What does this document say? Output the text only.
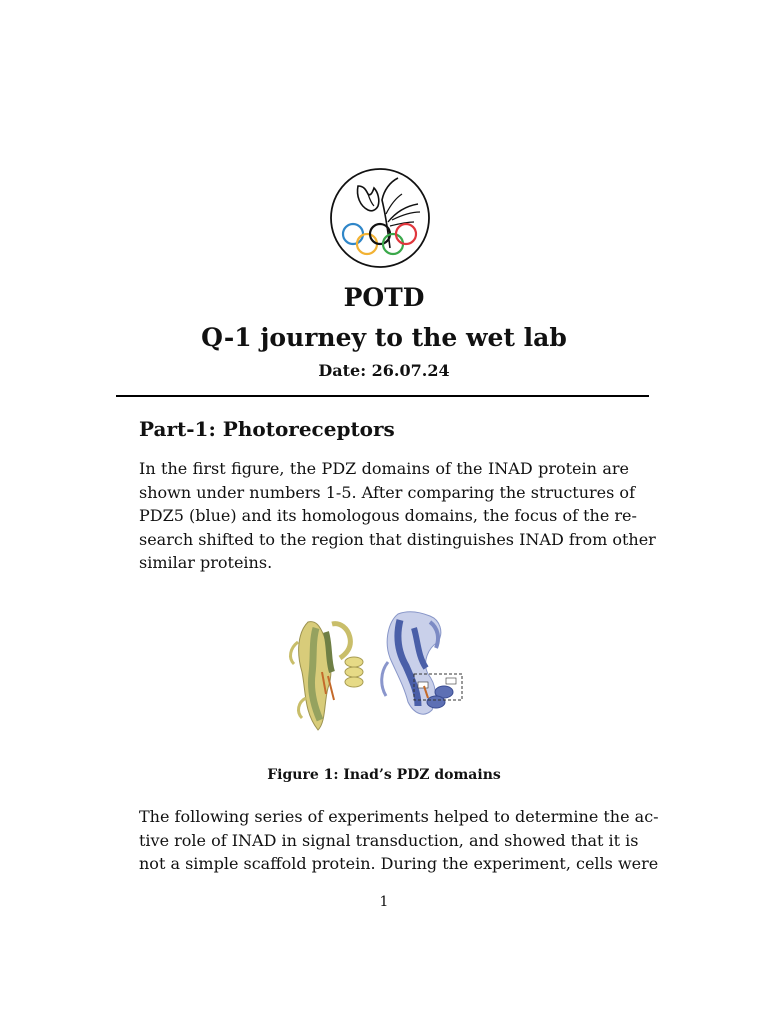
POTD
Q-1 journey to the wet lab
Date: 26.07.24
Part-1: Photoreceptors
In the first figure, the PDZ domains of the INAD protein are
shown under numbers 1-5. After comparing the structures of
PDZ5 (blue) and its homologous domains, the focus of the re-
search shifted to the region that distinguishes INAD from other
similar proteins.
Figure 1: Inad’s PDZ domains
The following series of experiments helped to determine the ac-
tive role of INAD in signal transduction, and showed that it is
not a simple scaffold protein. During the experiment, cells were
1
